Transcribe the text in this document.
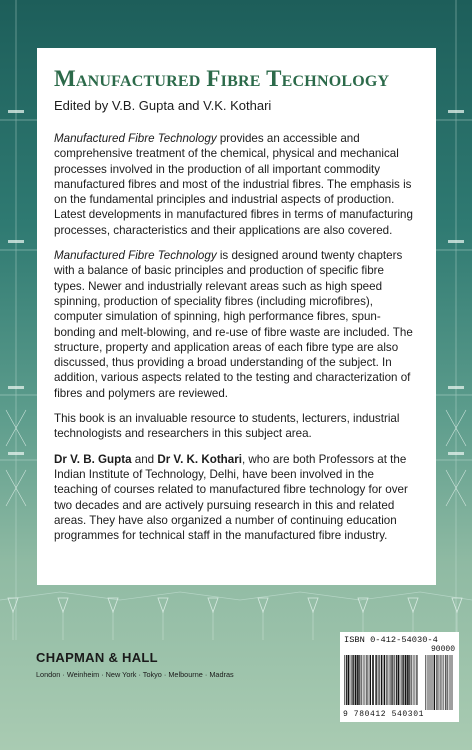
Manufactured Fibre Technology

Edited by V.B. Gupta and V.K. Kothari

Manufactured Fibre Technology provides an accessible and comprehensive treatment of the chemical, physical and mechanical processes involved in the production of all important commodity manufactured fibres and most of the industrial fibres. The emphasis is on the fundamental principles and industrial aspects of production. Latest developments in manufactured fibres in terms of manufacturing processes, characteristics and their applications are also covered.

Manufactured Fibre Technology is designed around twenty chapters with a balance of basic principles and production of specific fibre types. Newer and industrially relevant areas such as high speed spinning, production of speciality fibres (including microfibres), computer simulation of spinning, high performance fibres, spun-bonding and melt-blowing, and re-use of fibre waste are included. The structure, property and application areas of each fibre type are also discussed, thus providing a broad understanding of the subject. In addition, various aspects related to the testing and characterization of fibres and polymers are reviewed.

This book is an invaluable resource to students, lecturers, industrial technologists and researchers in this subject area.

Dr V. B. Gupta and Dr V. K. Kothari, who are both Professors at the Indian Institute of Technology, Delhi, have been involved in the teaching of courses related to manufactured fibre technology for over two decades and are actively pursuing research in this and related areas. They have also organized a number of continuing education programmes for technical staff in the manufactured fibre industry.

CHAPMAN & HALL
London · Weinheim · New York · Tokyo · Melbourne · Madras
ISBN 0-412-54030-4
90000
9 780412 540301
